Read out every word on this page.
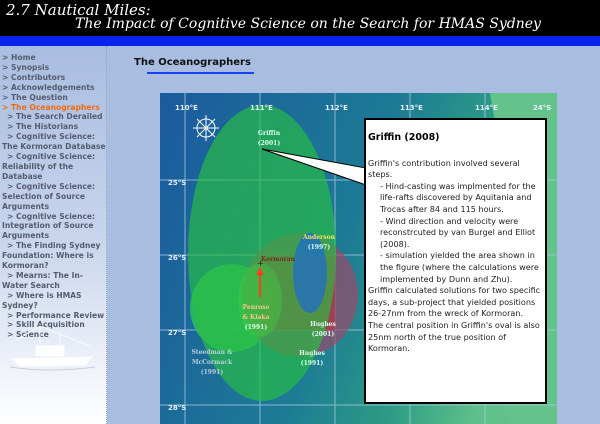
2.7 Nautical Miles:
The Impact of Cognitive Science on the Search for HMAS Sydney
> Home
> Synopsis
> Contributors
> Acknowledgements
> The Question
> The Oceanographers
> The Search Derailed
> The Historians
> Cognitive Science: The Kormoran Database
> Cognitive Science: Reliability of the Database
> Cognitive Science: Selection of Source Arguments
> Cognitive Science: Integration of Source Arguments
> The Finding Sydney Foundation: Where is Kormoran?
> Mearns: The In-Water Search
> Where is HMAS Sydney?
> Performance Review
> Skill Acquisition
> Science
The Oceanographers
+
110°E	111°E	112°E	113°E	114°E	24°S
25°S
26°S
27°S
28°S
Griffin
(2001)
Anderson
(1997)
Kormoran
Penrose
& Klaka
(1991)	Hughes
(2001)
Hughes
(1991)
Steedman &
McCormack
(1991)
Griffin (2008)

Griffin's contribution involved several steps.

- Hind-casting was implmented for the life-rafts discovered by Aquitania and Trocas after 84 and 115 hours.

- Wind direction and velocity were reconstrcuted by van Burgel and Elliot (2008).

- simulation yielded the area shown in the figure (where the calculations were implemented by Dunn and Zhu).

Griffin calculated solutions for two specific days, a sub-project that yielded positions 26-27nm from the wreck of Kormoran.

The central position in Griffin's oval is also 25nm north of the true position of Kormoran.
